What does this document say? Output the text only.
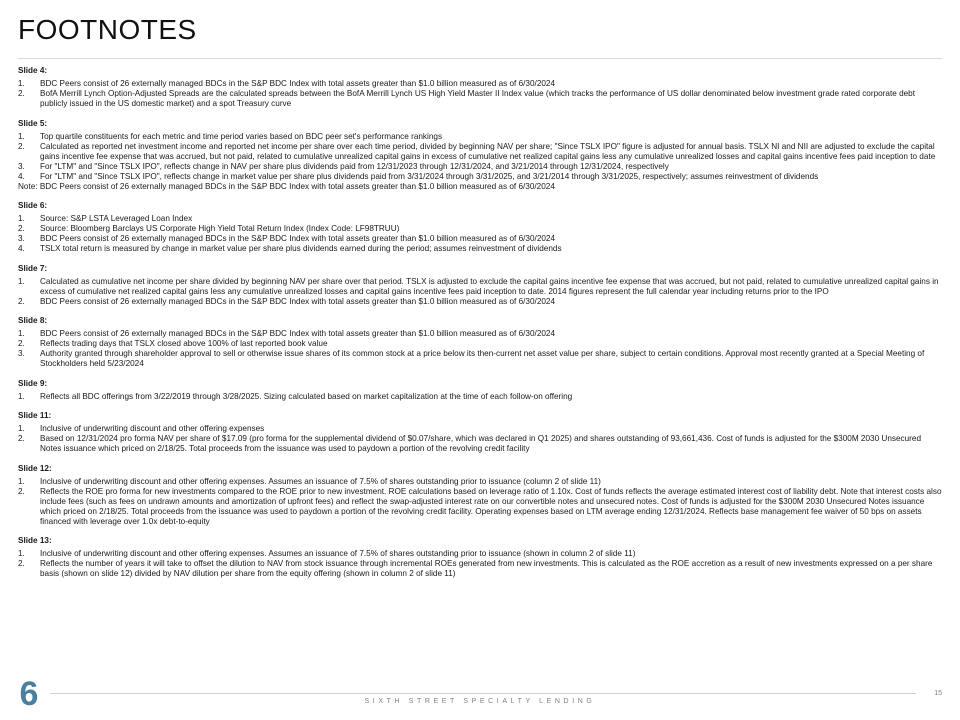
FOOTNOTES
Slide 4:
1. BDC Peers consist of 26 externally managed BDCs in the S&P BDC Index with total assets greater than $1.0 billion measured as of 6/30/2024
2. BofA Merrill Lynch Option-Adjusted Spreads are the calculated spreads between the BofA Merrill Lynch US High Yield Master II Index value (which tracks the performance of US dollar denominated below investment grade rated corporate debt publicly issued in the US domestic market) and a spot Treasury curve
Slide 5:
1. Top quartile constituents for each metric and time period varies based on BDC peer set's performance rankings
2. Calculated as reported net investment income and reported net income per share over each time period, divided by beginning NAV per share; "Since TSLX IPO" figure is adjusted for annual basis. TSLX NI and NII are adjusted to exclude the capital gains incentive fee expense that was accrued, but not paid, related to cumulative unrealized capital gains in excess of cumulative net realized capital gains less any cumulative unrealized losses and capital gains incentive fees paid inception to date
3. For "LTM" and "Since TSLX IPO", reflects change in NAV per share plus dividends paid from 12/31/2023 through 12/31/2024, and 3/21/2014 through 12/31/2024, respectively
4. For "LTM" and "Since TSLX IPO", reflects change in market value per share plus dividends paid from 3/31/2024 through 3/31/2025, and 3/21/2014 through 3/31/2025, respectively; assumes reinvestment of dividends
Note: BDC Peers consist of 26 externally managed BDCs in the S&P BDC Index with total assets greater than $1.0 billion measured as of 6/30/2024
Slide 6:
1. Source: S&P LSTA Leveraged Loan Index
2. Source: Bloomberg Barclays US Corporate High Yield Total Return Index (Index Code: LF98TRUU)
3. BDC Peers consist of 26 externally managed BDCs in the S&P BDC Index with total assets greater than $1.0 billion measured as of 6/30/2024
4. TSLX total return is measured by change in market value per share plus dividends earned during the period; assumes reinvestment of dividends
Slide 7:
1. Calculated as cumulative net income per share divided by beginning NAV per share over that period. TSLX is adjusted to exclude the capital gains incentive fee expense that was accrued, but not paid, related to cumulative unrealized capital gains in excess of cumulative net realized capital gains less any cumulative unrealized losses and capital gains incentive fees paid inception to date. 2014 figures represent the full calendar year including returns prior to the IPO
2. BDC Peers consist of 26 externally managed BDCs in the S&P BDC Index with total assets greater than $1.0 billion measured as of 6/30/2024
Slide 8:
1. BDC Peers consist of 26 externally managed BDCs in the S&P BDC Index with total assets greater than $1.0 billion measured as of 6/30/2024
2. Reflects trading days that TSLX closed above 100% of last reported book value
3. Authority granted through shareholder approval to sell or otherwise issue shares of its common stock at a price below its then-current net asset value per share, subject to certain conditions. Approval most recently granted at a Special Meeting of Stockholders held 5/23/2024
Slide 9:
1. Reflects all BDC offerings from 3/22/2019 through 3/28/2025. Sizing calculated based on market capitalization at the time of each follow-on offering
Slide 11:
1. Inclusive of underwriting discount and other offering expenses
2. Based on 12/31/2024 pro forma NAV per share of $17.09 (pro forma for the supplemental dividend of $0.07/share, which was declared in Q1 2025) and shares outstanding of 93,661,436. Cost of funds is adjusted for the $300M 2030 Unsecured Notes issuance which priced on 2/18/25. Total proceeds from the issuance was used to paydown a portion of the revolving credit facility
Slide 12:
1. Inclusive of underwriting discount and other offering expenses. Assumes an issuance of 7.5% of shares outstanding prior to issuance (column 2 of slide 11)
2. Reflects the ROE pro forma for new investments compared to the ROE prior to new investment. ROE calculations based on leverage ratio of 1.10x. Cost of funds reflects the average estimated interest cost of liability debt. Note that interest costs also include fees (such as fees on undrawn amounts and amortization of upfront fees) and reflect the swap-adjusted interest rate on our convertible notes and unsecured notes. Cost of funds is adjusted for the $300M 2030 Unsecured Notes issuance which priced on 2/18/25. Total proceeds from the issuance was used to paydown a portion of the revolving credit facility. Operating expenses based on LTM average ending 12/31/2024. Reflects base management fee waiver of 50 bps on assets financed with leverage over 1.0x debt-to-equity
Slide 13:
1. Inclusive of underwriting discount and other offering expenses. Assumes an issuance of 7.5% of shares outstanding prior to issuance (shown in column 2 of slide 11)
2. Reflects the number of years it will take to offset the dilution to NAV from stock issuance through incremental ROEs generated from new investments. This is calculated as the ROE accretion as a result of new investments expressed on a per share basis (shown on slide 12) divided by NAV dilution per share from the equity offering (shown in column 2 of slide 11)
6	SIXTH STREET SPECIALTY LENDING
15
